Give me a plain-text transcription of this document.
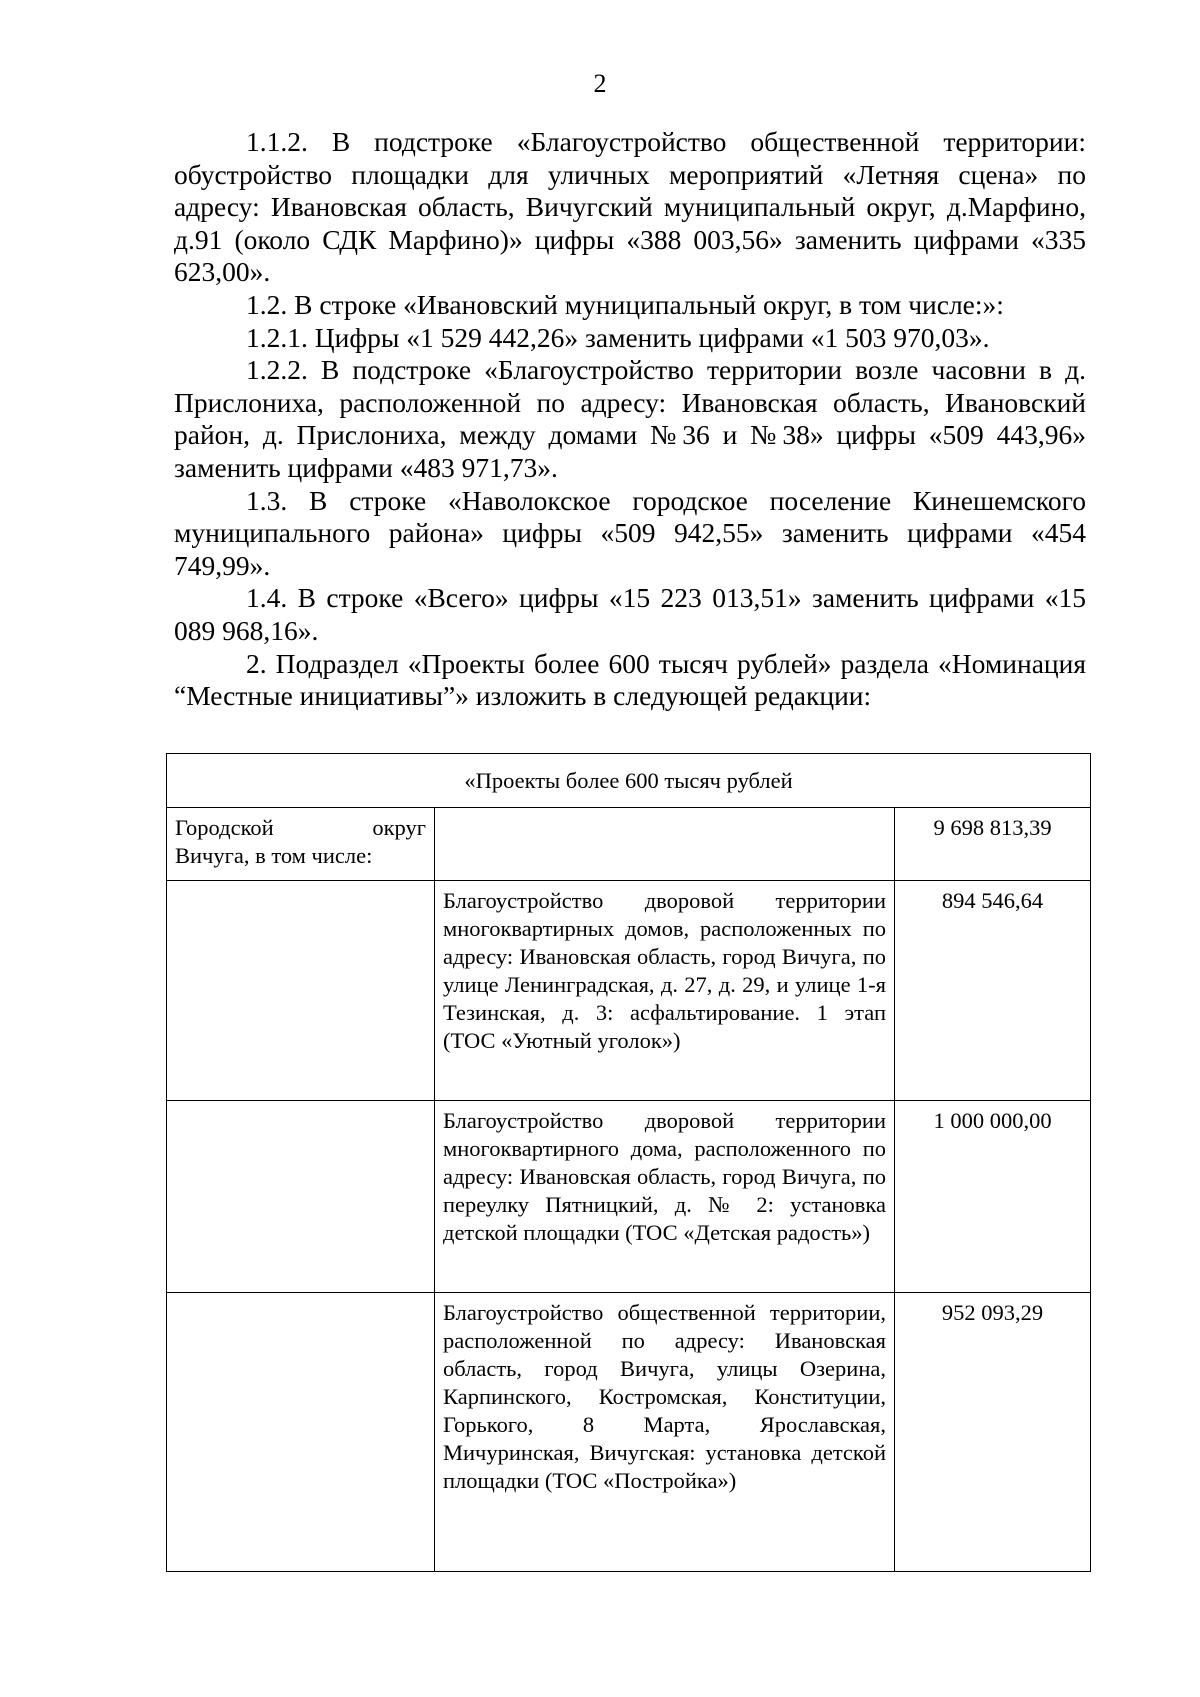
2

1.1.2. В подстроке «Благоустройство общественной территории: обустройство площадки для уличных мероприятий «Летняя сцена» по адресу: Ивановская область, Вичугский муниципальный округ, д.Марфино, д.91 (около СДК Марфино)» цифры «388 003,56» заменить цифрами «335 623,00».

1.2. В строке «Ивановский муниципальный округ, в том числе:»:

1.2.1. Цифры «1 529 442,26» заменить цифрами «1 503 970,03».

1.2.2. В подстроке «Благоустройство территории возле часовни в д. Прислониха, расположенной по адресу: Ивановская область, Ивановский район, д. Прислониха, между домами №36 и №38» цифры «509 443,96» заменить цифрами «483 971,73».

1.3. В строке «Наволокское городское поселение Кинешемского муниципального района» цифры «509 942,55» заменить цифрами «454 749,99».

1.4. В строке «Всего» цифры «15 223 013,51» заменить цифрами «15 089 968,16».

2. Подраздел «Проекты более 600 тысяч рублей» раздела «Номинация “Местные инициативы”» изложить в следующей редакции:

«Проекты более 600 тысяч рублей		

Городской округ
Вичуга, в том числе:		9 698 813,39
	Благоустройство дворовой территории многоквартирных домов, расположенных по адресу: Ивановская область, город Вичуга, по улице Ленинградская, д. 27, д. 29, и улице 1-я Тезинская, д. 3: асфальтирование. 1 этап (ТОС «Уютный уголок»)	894 546,64
	Благоустройство дворовой территории многоквартирного дома, расположенного по адресу: Ивановская область, город Вичуга, по переулку Пятницкий, д. № 2: установка детской площадки (ТОС «Детская радость»)	1 000 000,00
	Благоустройство общественной территории, расположенной по адресу: Ивановская область, город Вичуга, улицы Озерина, Карпинского, Костромская, Конституции, Горького, 8 Марта, Ярославская, Мичуринская, Вичугская: установка детской площадки (ТОС «Постройка»)	952 093,29
